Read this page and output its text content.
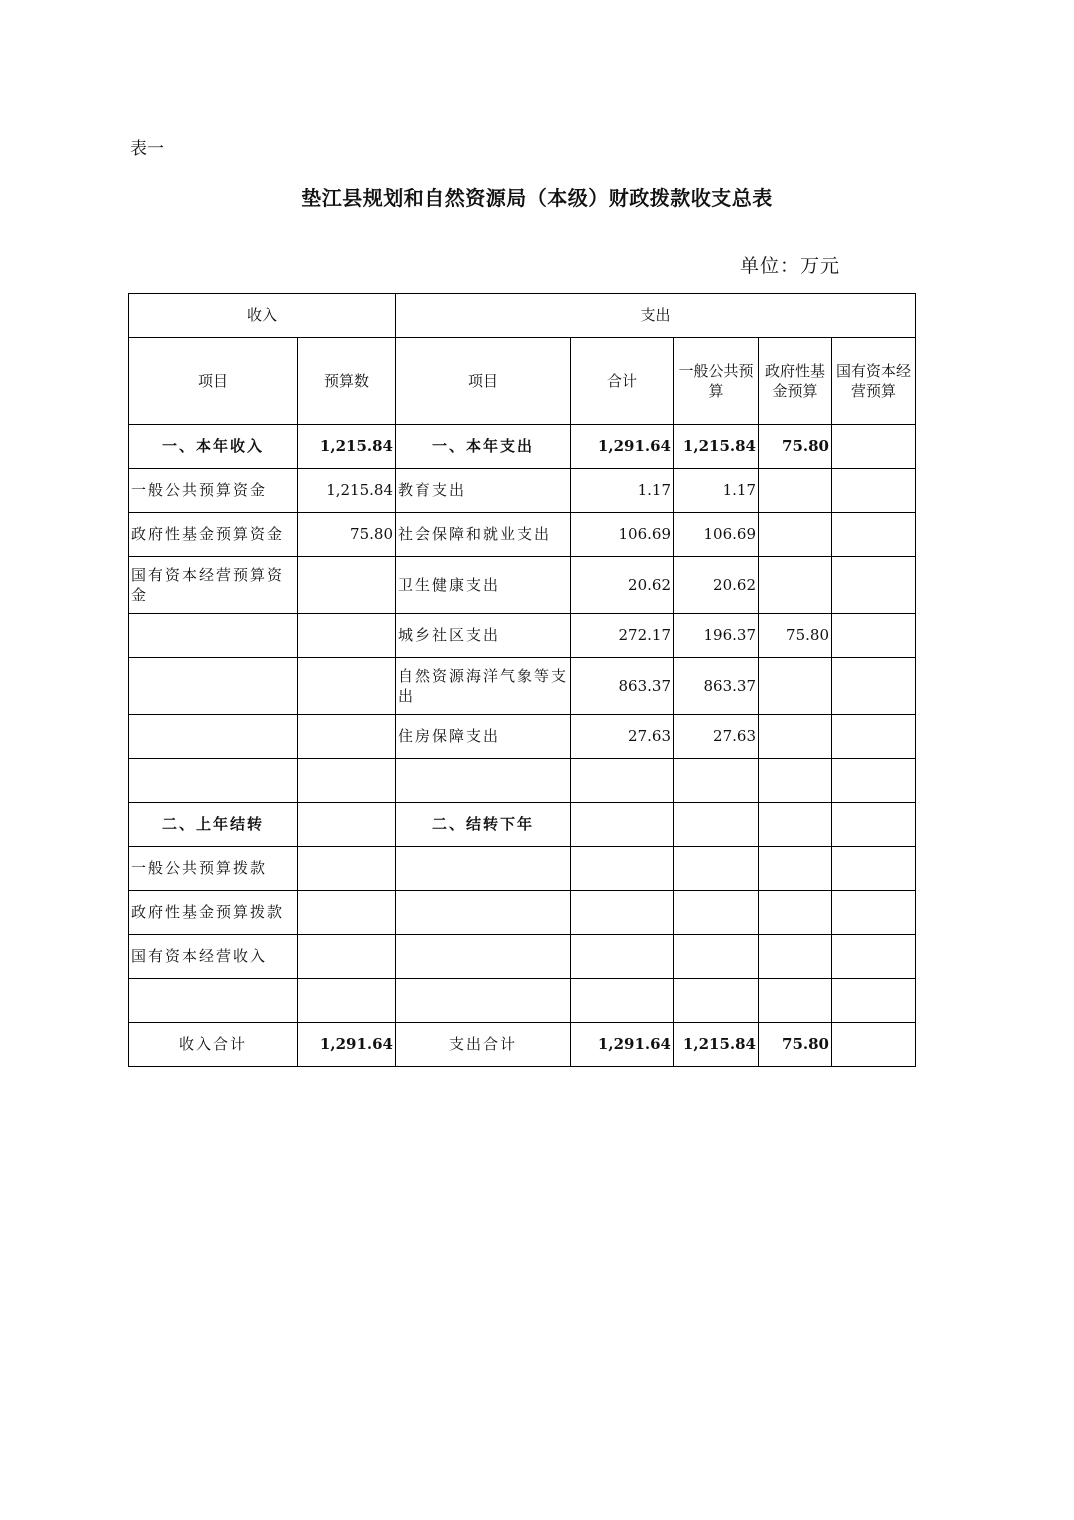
表一
垫江县规划和自然资源局（本级）财政拨款收支总表
单位：万元
收入		支出				
项目	预算数	项目	合计	一般公共预算	政府性基金预算	国有资本经营预算
一、本年收入	1,215.84	一、本年支出	1,291.64	1,215.84	75.80	
一般公共预算资金	1,215.84	教育支出	1.17	1.17		
政府性基金预算资金	75.80	社会保障和就业支出	106.69	106.69		
国有资本经营预算资金		卫生健康支出	20.62	20.62		
		城乡社区支出	272.17	196.37	75.80	
		自然资源海洋气象等支出	863.37	863.37		
		住房保障支出	27.63	27.63		

二、上年结转		二、结转下年				
一般公共预算拨款						
政府性基金预算拨款						
国有资本经营收入						

收入合计	1,291.64	支出合计	1,291.64	1,215.84	75.80	
